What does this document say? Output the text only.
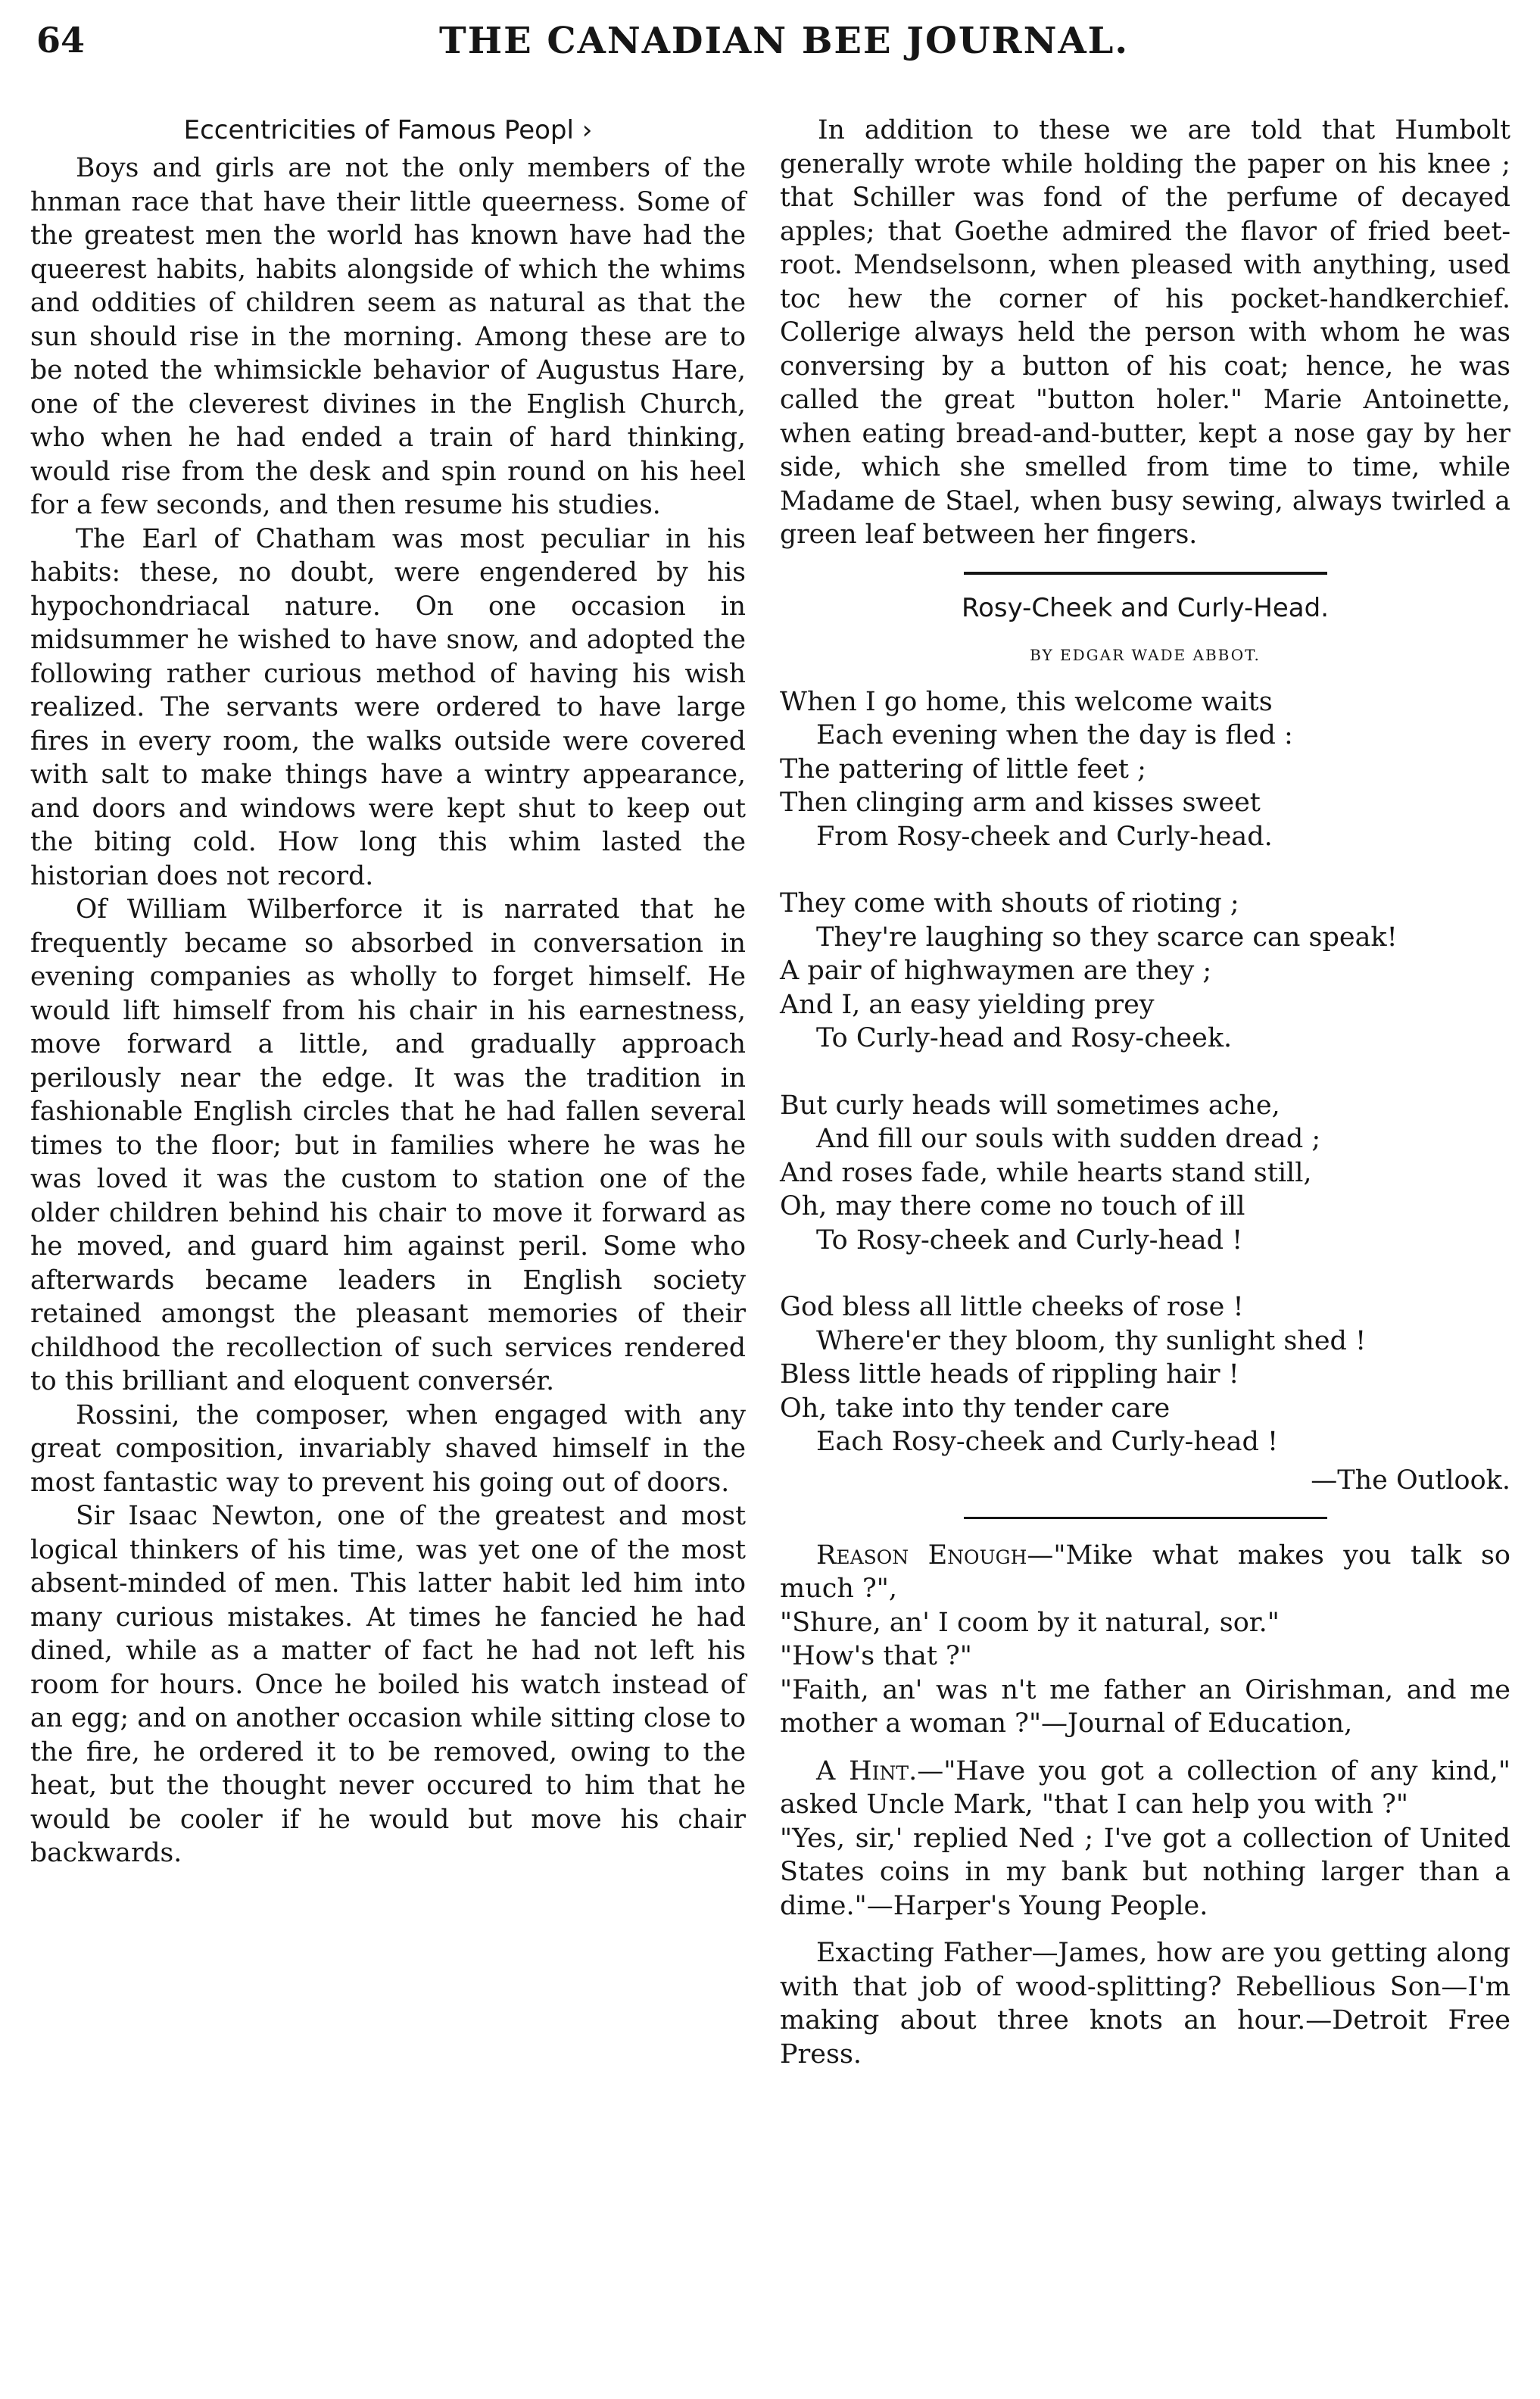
64	THE CANADIAN BEE JOURNAL.
Eccentricities of Famous Peopl ›

Boys and girls are not the only members of the hnman race that have their little queerness. Some of the greatest men the world has known have had the queerest habits, habits alongside of which the whims and oddities of children seem as natural as that the sun should rise in the morning. Among these are to be noted the whimsickle behavior of Augustus Hare, one of the cleverest divines in the English Church, who when he had ended a train of hard thinking, would rise from the desk and spin round on his heel for a few seconds, and then resume his studies.

The Earl of Chatham was most peculiar in his habits: these, no doubt, were engendered by his hypochondriacal nature. On one occasion in midsummer he wished to have snow, and adopted the following rather curious method of having his wish realized. The servants were ordered to have large fires in every room, the walks outside were covered with salt to make things have a wintry appearance, and doors and windows were kept shut to keep out the biting cold. How long this whim lasted the historian does not record.

Of William Wilberforce it is narrated that he frequently became so absorbed in conversation in evening companies as wholly to forget himself. He would lift himself from his chair in his earnestness, move forward a little, and gradually approach perilously near the edge. It was the tradition in fashionable English circles that he had fallen several times to the floor; but in families where he was he was loved it was the custom to station one of the older children behind his chair to move it forward as he moved, and guard him against peril. Some who afterwards became leaders in English society retained amongst the pleasant memories of their childhood the recollection of such services rendered to this brilliant and eloquent conversér.

Rossini, the composer, when engaged with any great composition, invariably shaved himself in the most fantastic way to prevent his going out of doors.

Sir Isaac Newton, one of the greatest and most logical thinkers of his time, was yet one of the most absent-minded of men. This latter habit led him into many curious mistakes. At times he fancied he had dined, while as a matter of fact he had not left his room for hours. Once he boiled his watch instead of an egg; and on another occasion while sitting close to the fire, he ordered it to be removed, owing to the heat, but the thought never occured to him that he would be cooler if he would but move his chair backwards.

In addition to these we are told that Humbolt generally wrote while holding the paper on his knee ; that Schiller was fond of the perfume of decayed apples; that Goethe admired the flavor of fried beet-root. Mendselsonn, when pleased with anything, used toc hew the corner of his pocket-handkerchief. Collerige always held the person with whom he was conversing by a button of his coat; hence, he was called the great "button holer." Marie Antoinette, when eating bread-and-butter, kept a nose gay by her side, which she smelled from time to time, while Madame de Stael, when busy sewing, always twirled a green leaf between her fingers.

Rosy-Cheek and Curly-Head.
BY EDGAR WADE ABBOT.

When I go home, this welcome waits

Each evening when the day is fled :

The pattering of little feet ;

Then clinging arm and kisses sweet

From Rosy-cheek and Curly-head.

They come with shouts of rioting ;

They're laughing so they scarce can speak!

A pair of highwaymen are they ;

And I, an easy yielding prey

To Curly-head and Rosy-cheek.

But curly heads will sometimes ache,

And fill our souls with sudden dread ;

And roses fade, while hearts stand still,

Oh, may there come no touch of ill

To Rosy-cheek and Curly-head !

God bless all little cheeks of rose !

Where'er they bloom, thy sunlight shed !

Bless little heads of rippling hair !

Oh, take into thy tender care

Each Rosy-cheek and Curly-head !

—The Outlook.

Reason Enough—"Mike what makes you talk so much ?",
"Shure, an' I coom by it natural, sor."
"How's that ?"
"Faith, an' was n't me father an Oirishman, and me mother a woman ?"—Journal of Education,

A Hint.—"Have you got a collection of any kind," asked Uncle Mark, "that I can help you with ?"
"Yes, sir,' replied Ned ; I've got a collection of United States coins in my bank but nothing larger than a dime."—Harper's Young People.

Exacting Father—James, how are you getting along with that job of wood-splitting? Rebellious Son—I'm making about three knots an hour.—Detroit Free Press.
